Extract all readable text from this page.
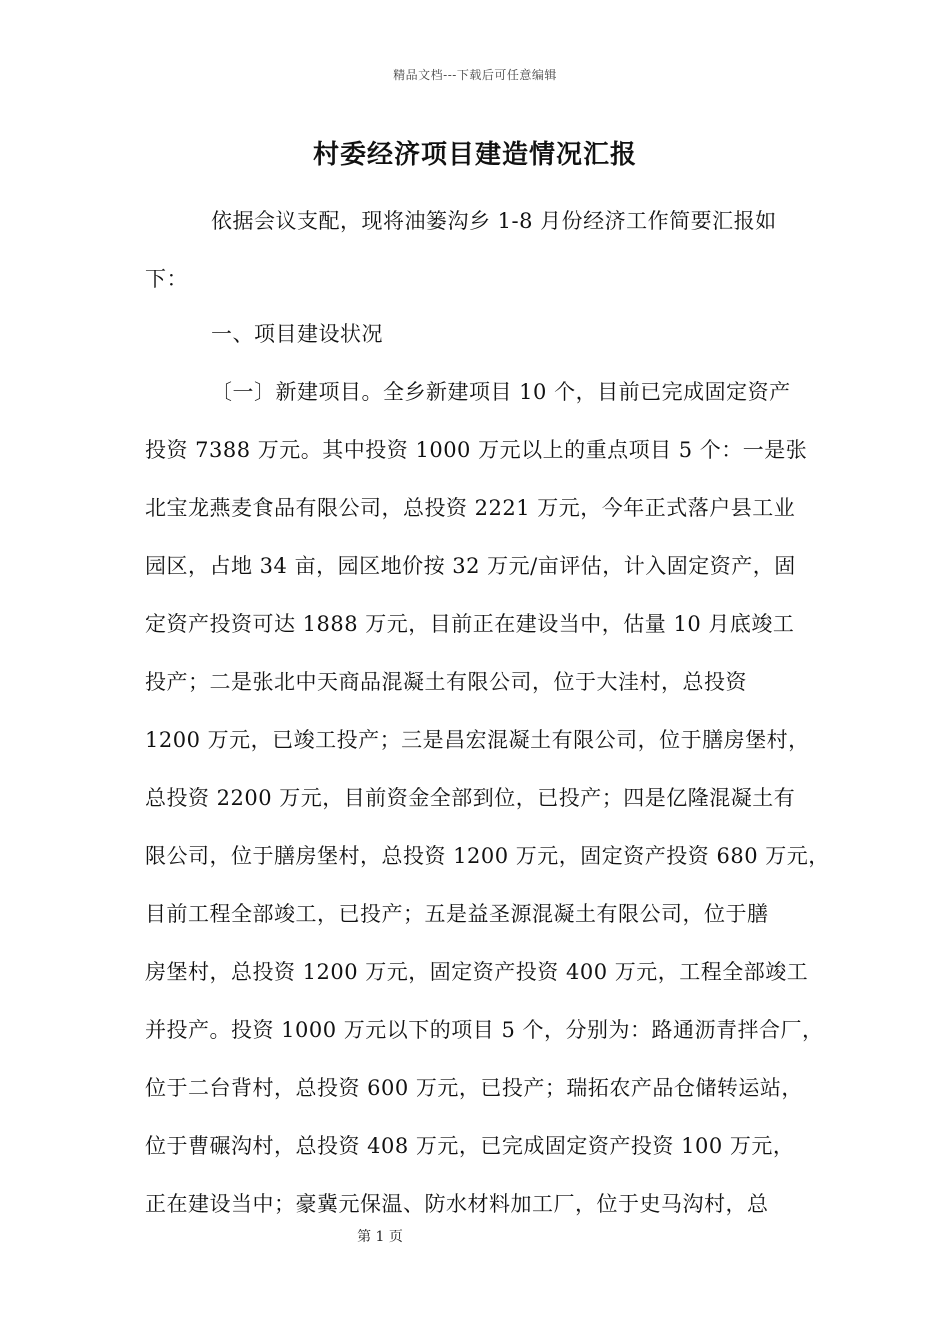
精品文档---下载后可任意编辑
村委经济项目建造情况汇报
依据会议支配，现将油篓沟乡 1-8 月份经济工作简要汇报如
下：
一、项目建设状况
〔一〕新建项目。全乡新建项目 10 个，目前已完成固定资产
投资 7388 万元。其中投资 1000 万元以上的重点项目 5 个：一是张
北宝龙燕麦食品有限公司，总投资 2221 万元，今年正式落户县工业
园区，占地 34 亩，园区地价按 32 万元/亩评估，计入固定资产，固
定资产投资可达 1888 万元，目前正在建设当中，估量 10 月底竣工
投产；二是张北中天商品混凝土有限公司，位于大洼村，总投资
1200 万元，已竣工投产；三是昌宏混凝土有限公司，位于膳房堡村，
总投资 2200 万元，目前资金全部到位，已投产；四是亿隆混凝土有
限公司，位于膳房堡村，总投资 1200 万元，固定资产投资 680 万元，
目前工程全部竣工，已投产；五是益圣源混凝土有限公司，位于膳
房堡村，总投资 1200 万元，固定资产投资 400 万元，工程全部竣工
并投产。投资 1000 万元以下的项目 5 个，分别为：路通沥青拌合厂，
位于二台背村，总投资 600 万元，已投产；瑞拓农产品仓储转运站，
位于曹碾沟村，总投资 408 万元，已完成固定资产投资 100 万元，
正在建设当中；豪冀元保温、防水材料加工厂，位于史马沟村，总
第 1 页
